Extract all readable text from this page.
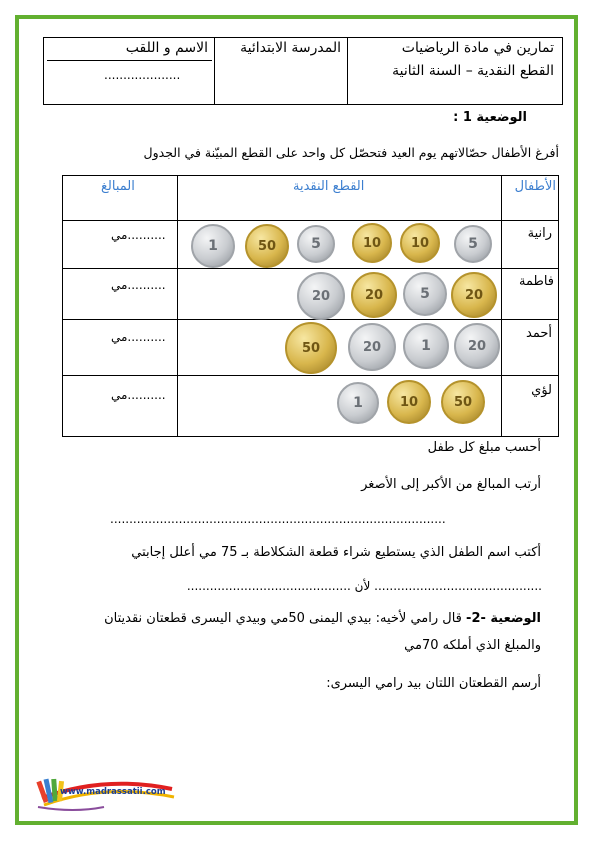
تمارين في مادة الرياضيات
القطع النقدية – السنة الثانية
المدرسة الابتدائية
الاسم و اللقب
....................
الوضعية 1 :
أفرغ الأطفال حصّالاتهم يوم العيد فتحصّل كل واحد على القطع المبيّنة في الجدول
الأطفال
القطع النقدية
المبالغ
رانية
..........مي
5
10
10
5
50
1
فاطمة
..........مي
20
5
20
20
أحمد
..........مي
20
1
20
50
لؤي
..........مي	50
10
1
أحسب مبلغ كل طفل
أرتب المبالغ من الأكبر إلى الأصغر
........................................................................................
أكتب اسم الطفل الذي يستطيع شراء قطعة الشكلاطة بـ 75 مي أعلل إجابتي
............................................ لأن ...........................................
الوضعية -2- قال رامي لأخيه: بيدي اليمنى 50مي وبيدي اليسرى قطعتان نقديتان
والمبلغ الذي أملكه 70مي
أرسم القطعتان اللتان بيد رامي اليسرى:
www.madrassatii.com
